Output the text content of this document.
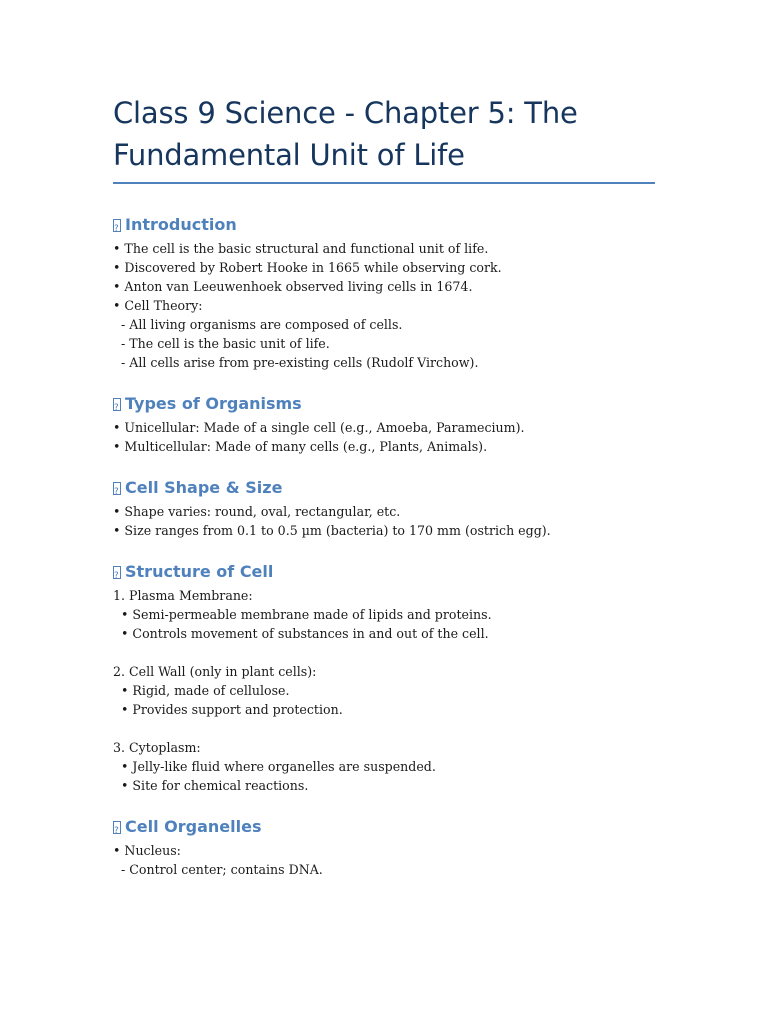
Class 9 Science - Chapter 5: The
Fundamental Unit of Life
?
Introduction
• The cell is the basic structural and functional unit of life.
• Discovered by Robert Hooke in 1665 while observing cork.
• Anton van Leeuwenhoek observed living cells in 1674.
• Cell Theory:
- All living organisms are composed of cells.
- The cell is the basic unit of life.
- All cells arise from pre-existing cells (Rudolf Virchow).
?
Types of Organisms
• Unicellular: Made of a single cell (e.g., Amoeba, Paramecium).
• Multicellular: Made of many cells (e.g., Plants, Animals).
?
Cell Shape & Size
• Shape varies: round, oval, rectangular, etc.
• Size ranges from 0.1 to 0.5 µm (bacteria) to 170 mm (ostrich egg).
?
Structure of Cell
1. Plasma Membrane:
• Semi-permeable membrane made of lipids and proteins.
• Controls movement of substances in and out of the cell.
2. Cell Wall (only in plant cells):
• Rigid, made of cellulose.
• Provides support and protection.
3. Cytoplasm:
• Jelly-like fluid where organelles are suspended.
• Site for chemical reactions.
?
Cell Organelles
• Nucleus:
- Control center; contains DNA.
